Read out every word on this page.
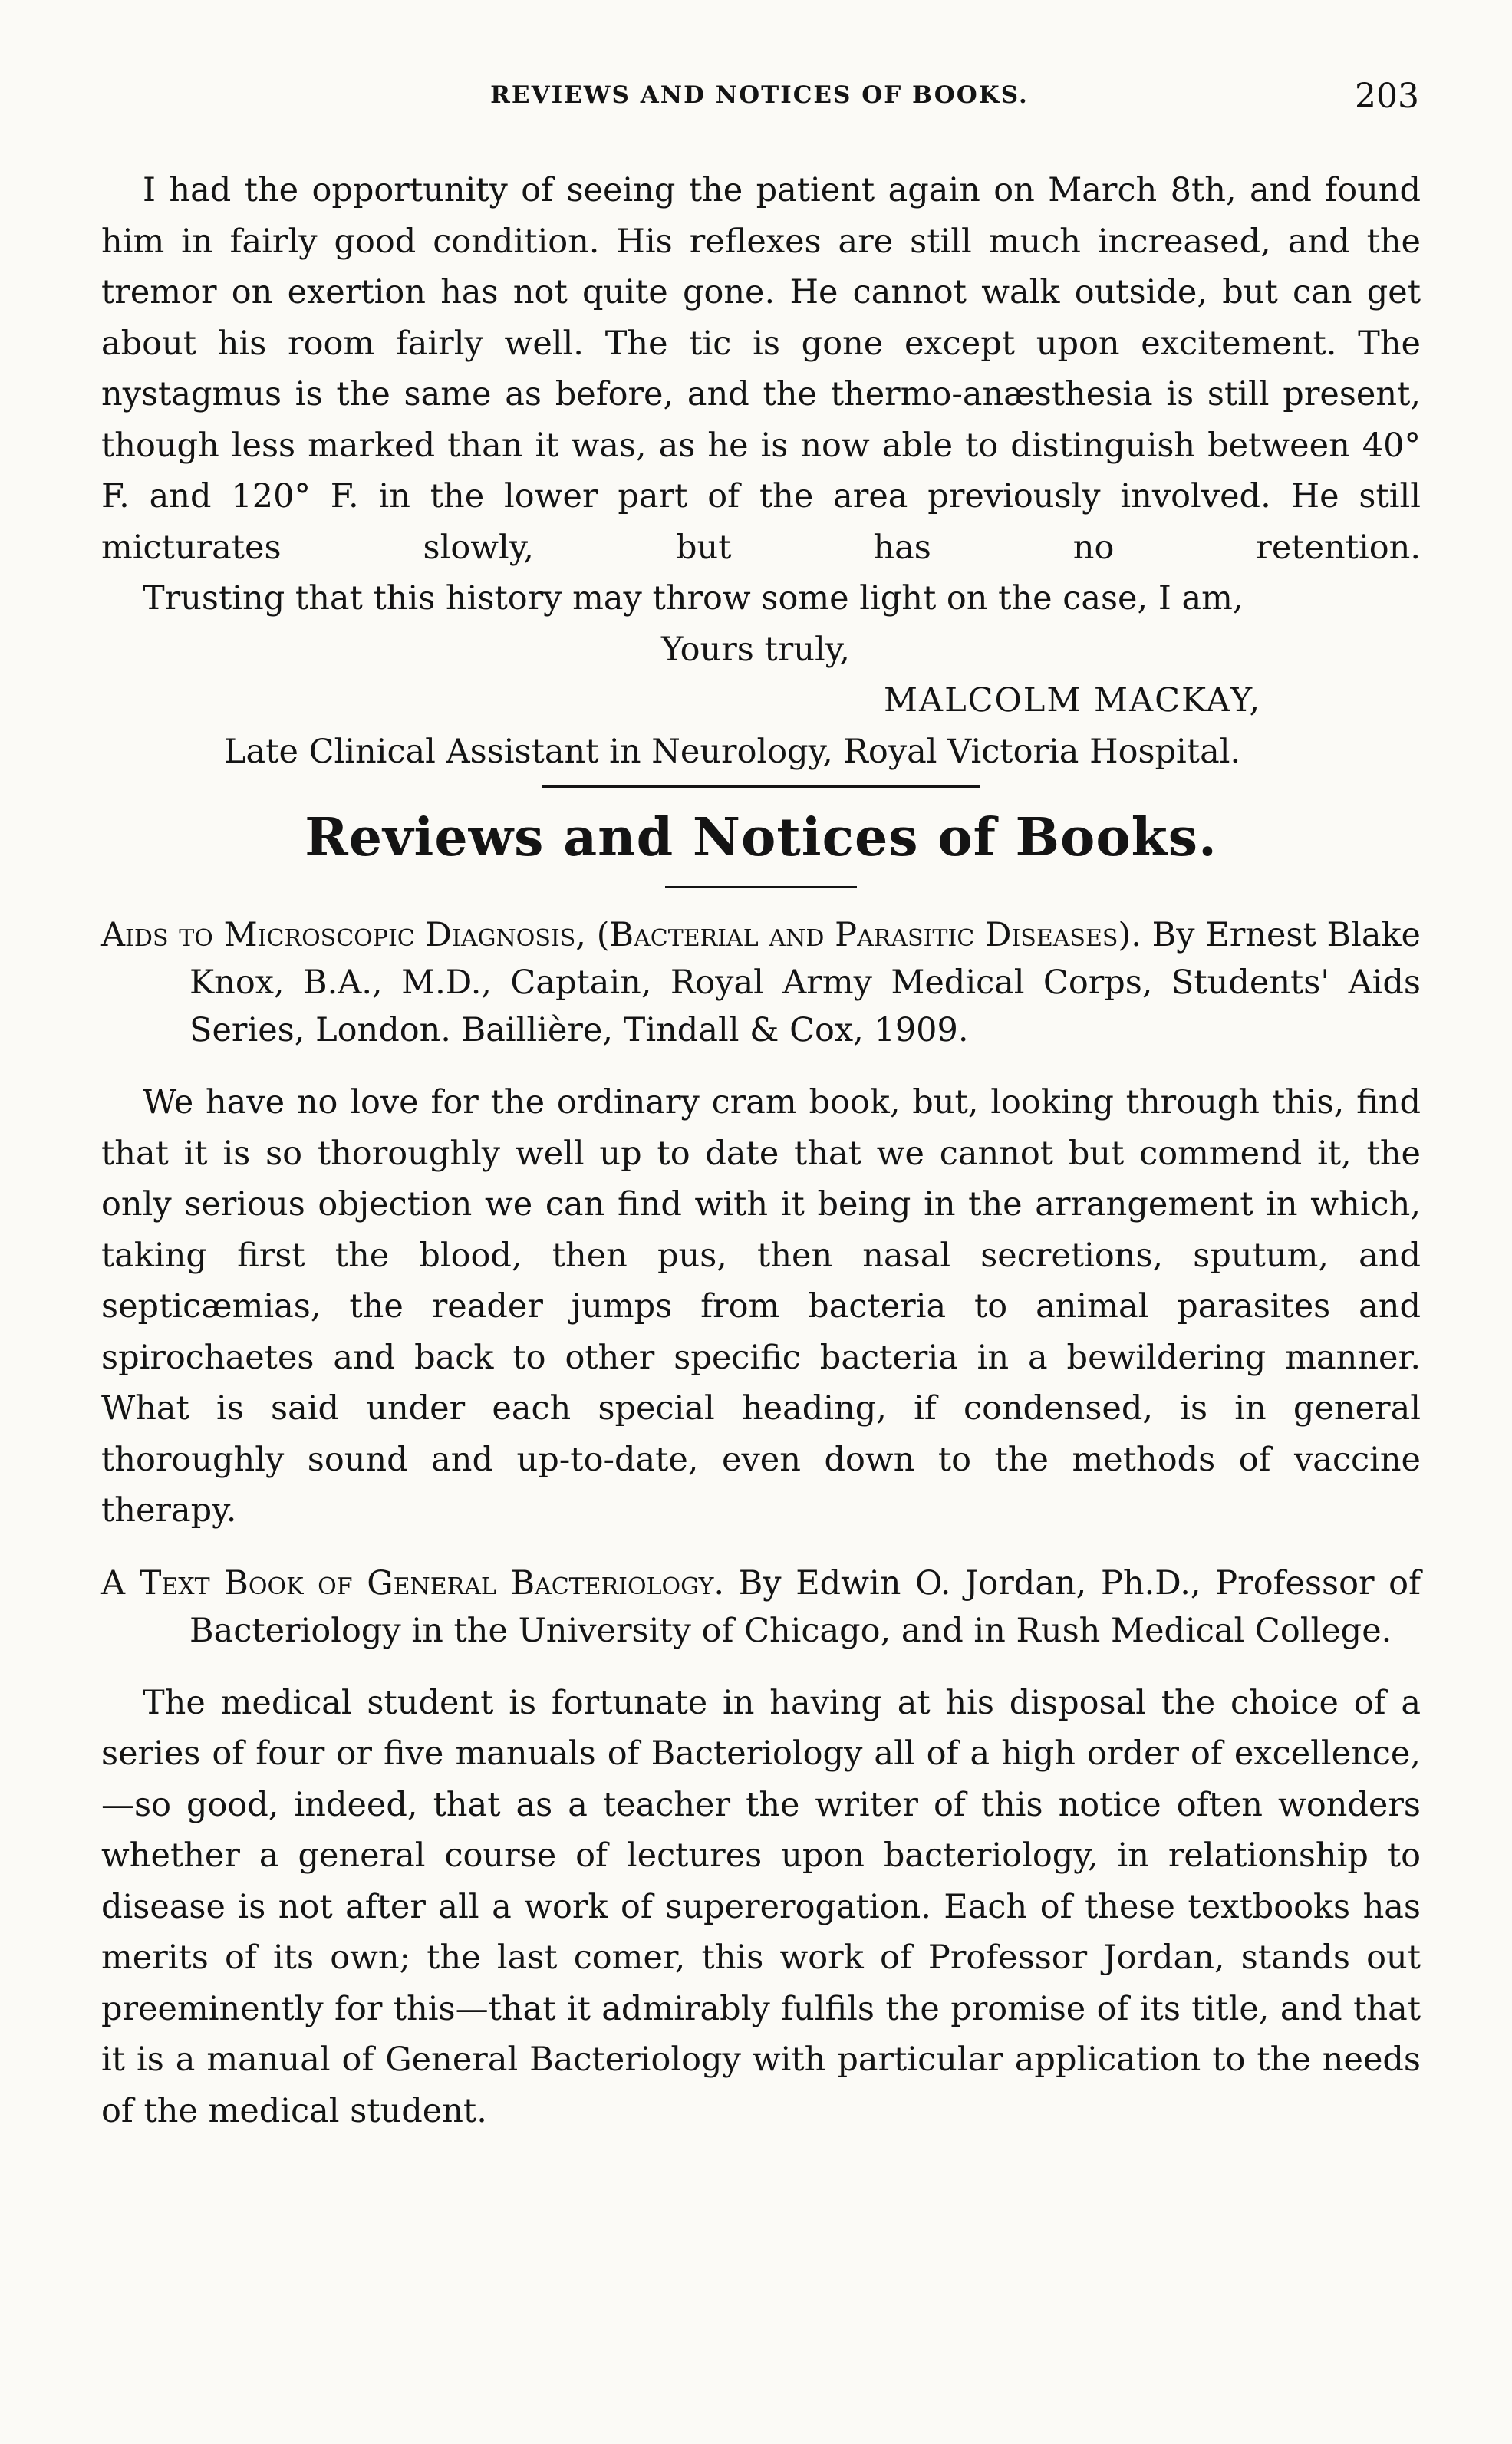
REVIEWS AND NOTICES OF BOOKS.	203

I had the opportunity of seeing the patient again on March 8th, and found him in fairly good condition. His reflexes are still much increased, and the tremor on exertion has not quite gone. He cannot walk outside, but can get about his room fairly well. The tic is gone except upon excitement. The nystagmus is the same as before, and the thermo-anæsthesia is still present, though less marked than it was, as he is now able to distinguish between 40° F. and 120° F. in the lower part of the area previously involved. He still micturates slowly, but has no retention.

Trusting that this history may throw some light on the case, I am,

Yours truly,
MALCOLM MACKAY,
Late Clinical Assistant in Neurology, Royal Victoria Hospital.
Reviews and Notices of Books.

Aids to Microscopic Diagnosis, (Bacterial and Parasitic Diseases). By Ernest Blake Knox, B.A., M.D., Captain, Royal Army Medical Corps, Students' Aids Series, London. Baillière, Tindall & Cox, 1909.

We have no love for the ordinary cram book, but, looking through this, find that it is so thoroughly well up to date that we cannot but commend it, the only serious objection we can find with it being in the arrangement in which, taking first the blood, then pus, then nasal secretions, sputum, and septicæmias, the reader jumps from bacteria to animal parasites and spirochaetes and back to other specific bacteria in a bewildering manner. What is said under each special heading, if condensed, is in general thoroughly sound and up-to-date, even down to the methods of vaccine therapy.

A Text Book of General Bacteriology. By Edwin O. Jordan, Ph.D., Professor of Bacteriology in the University of Chicago, and in Rush Medical College.

The medical student is fortunate in having at his disposal the choice of a series of four or five manuals of Bacteriology all of a high order of excellence,—so good, indeed, that as a teacher the writer of this notice often wonders whether a general course of lectures upon bacteriology, in relationship to disease is not after all a work of supererogation. Each of these textbooks has merits of its own; the last comer, this work of Professor Jordan, stands out preeminently for this—that it admirably fulfils the promise of its title, and that it is a manual of General Bacteriology with particular application to the needs of the medical student.
